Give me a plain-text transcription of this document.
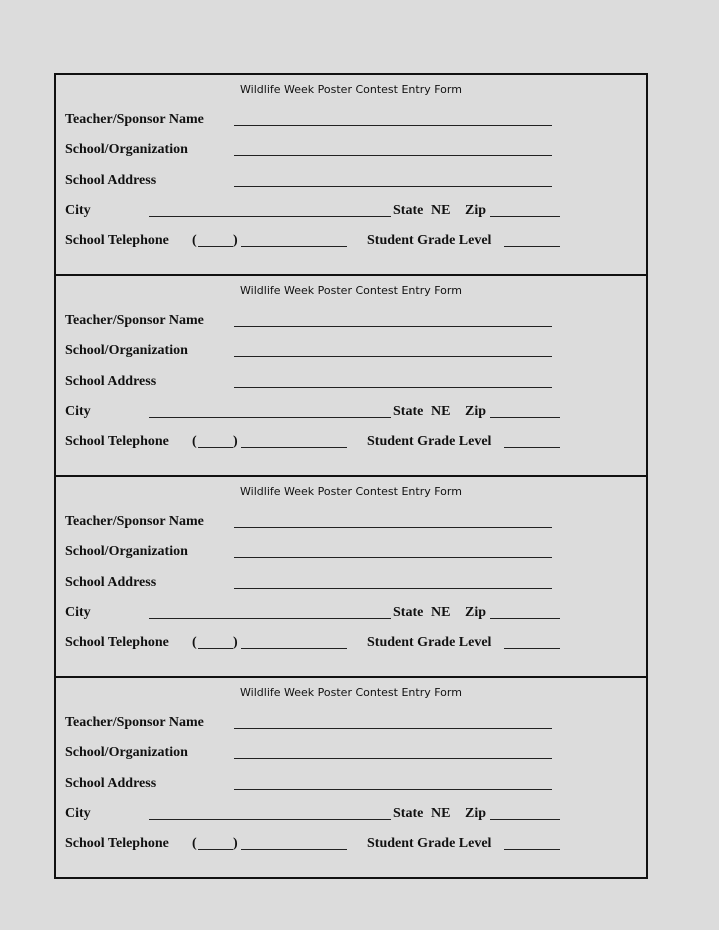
Wildlife Week Poster Contest Entry Form
Teacher/Sponsor Name
School/Organization
School Address
City	State NE Zip
School Telephone (	)	Student Grade Level
Wildlife Week Poster Contest Entry Form
Teacher/Sponsor Name
School/Organization
School Address
City	State NE Zip
School Telephone (	)	Student Grade Level
Wildlife Week Poster Contest Entry Form
Teacher/Sponsor Name
School/Organization
School Address
City	State NE Zip
School Telephone (	)	Student Grade Level
Wildlife Week Poster Contest Entry Form
Teacher/Sponsor Name
School/Organization
School Address
City	State NE Zip
School Telephone (	)	Student Grade Level
